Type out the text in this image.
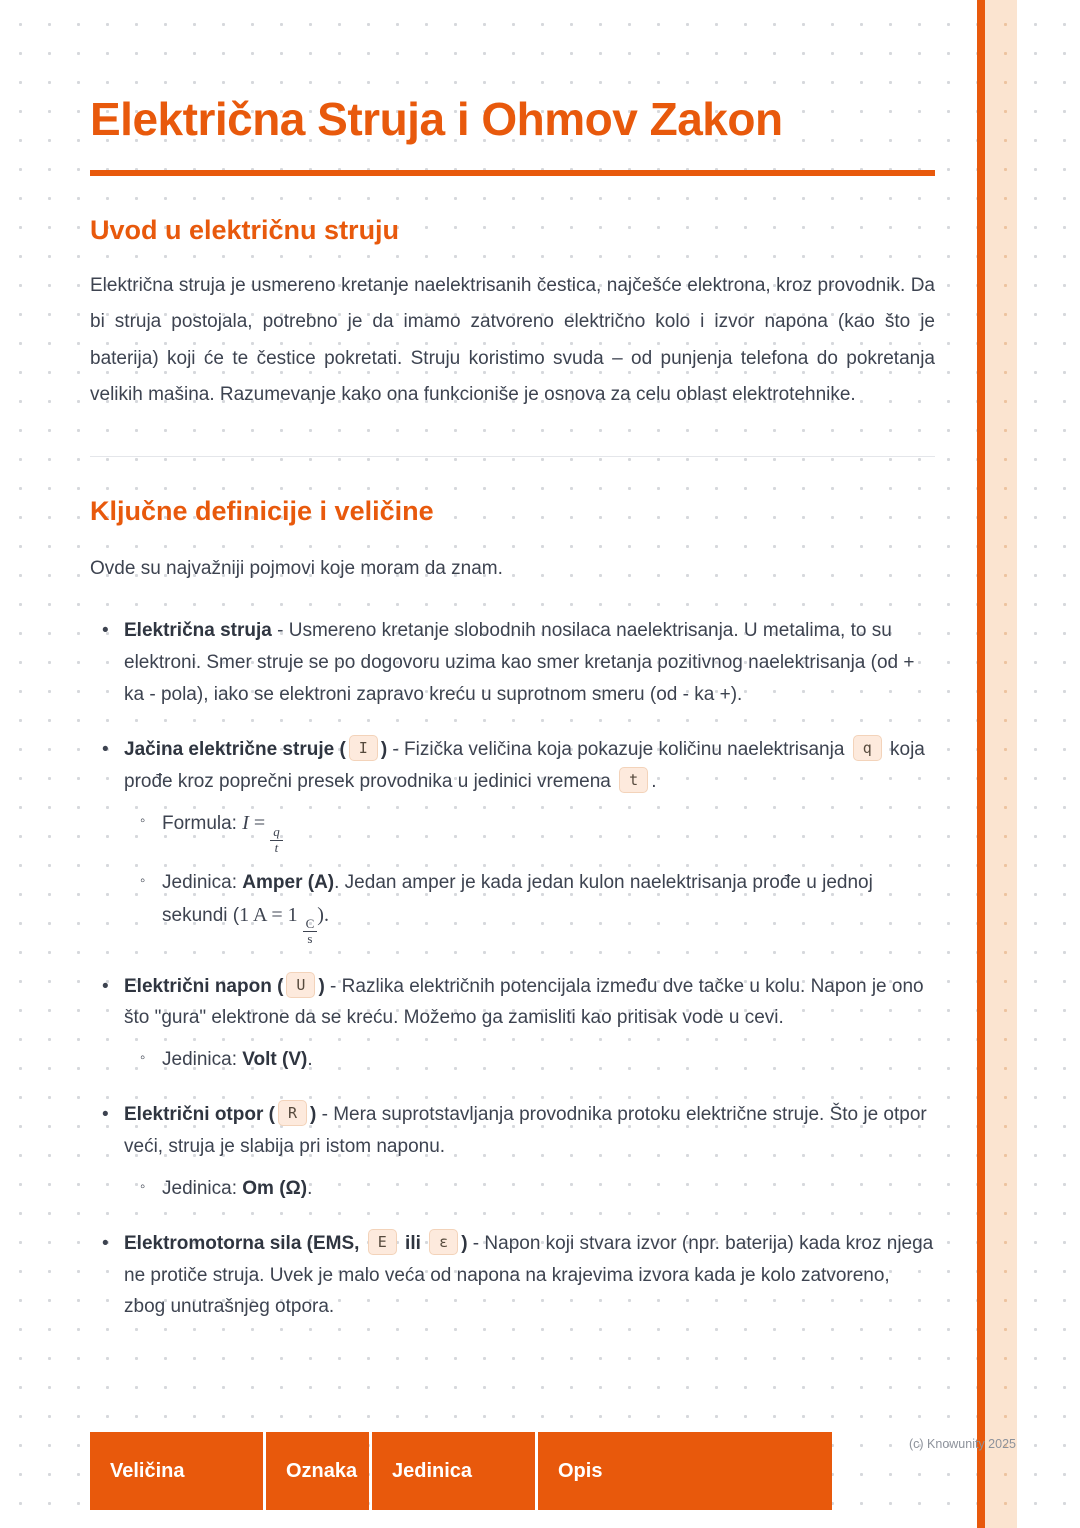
(c) Knowunity 2025
Električna Struja i Ohmov Zakon
Uvod u električnu struju

Električna struja je usmereno kretanje naelektrisanih čestica, najčešće elektrona, kroz provodnik. Da bi struja postojala, potrebno je da imamo zatvoreno električno kolo i izvor napona (kao što je baterija) koji će te čestice pokretati. Struju koristimo svuda – od punjenja telefona do pokretanja velikih mašina. Razumevanje kako ona funkcioniše je osnova za celu oblast elektrotehnike.

Ključne definicije i veličine

Ovde su najvažniji pojmovi koje moram da znam.

• Električna struja - Usmereno kretanje slobodnih nosilaca naelektrisanja. U metalima, to su elektroni. Smer struje se po dogovoru uzima kao smer kretanja pozitivnog naelektrisanja (od + ka - pola), iako se elektroni zapravo kreću u suprotnom smeru (od - ka +).
• Jačina električne struje ( I ) - Fizička veličina koja pokazuje količinu naelektrisanja q koja prođe kroz poprečni presek provodnika u jedinici vremena t .
◦ Formula: I =
$\frac{q}{t}$
◦ Jedinica: Amper (A). Jedan amper je kada jedan kulon naelektrisanja prođe u jednoj sekundi (1 A = 1
$\frac{C}{s}$
).
• Električni napon ( U ) - Razlika električnih potencijala između dve tačke u kolu. Napon je ono što "gura" elektrone da se kreću. Možemo ga zamisliti kao pritisak vode u cevi.
◦ Jedinica: Volt (V).
• Električni otpor ( R ) - Mera suprotstavljanja provodnika protoku električne struje. Što je otpor veći, struja je slabija pri istom naponu.
◦ Jedinica: Om (Ω).
• Elektromotorna sila (EMS, E ili ε ) - Napon koji stvara izvor (npr. baterija) kada kroz njega ne protiče struja. Uvek je malo veća od napona na krajevima izvora kada je kolo zatvoreno, zbog unutrašnjeg otpora.
Veličina	Oznaka	Jedinica	Opis
